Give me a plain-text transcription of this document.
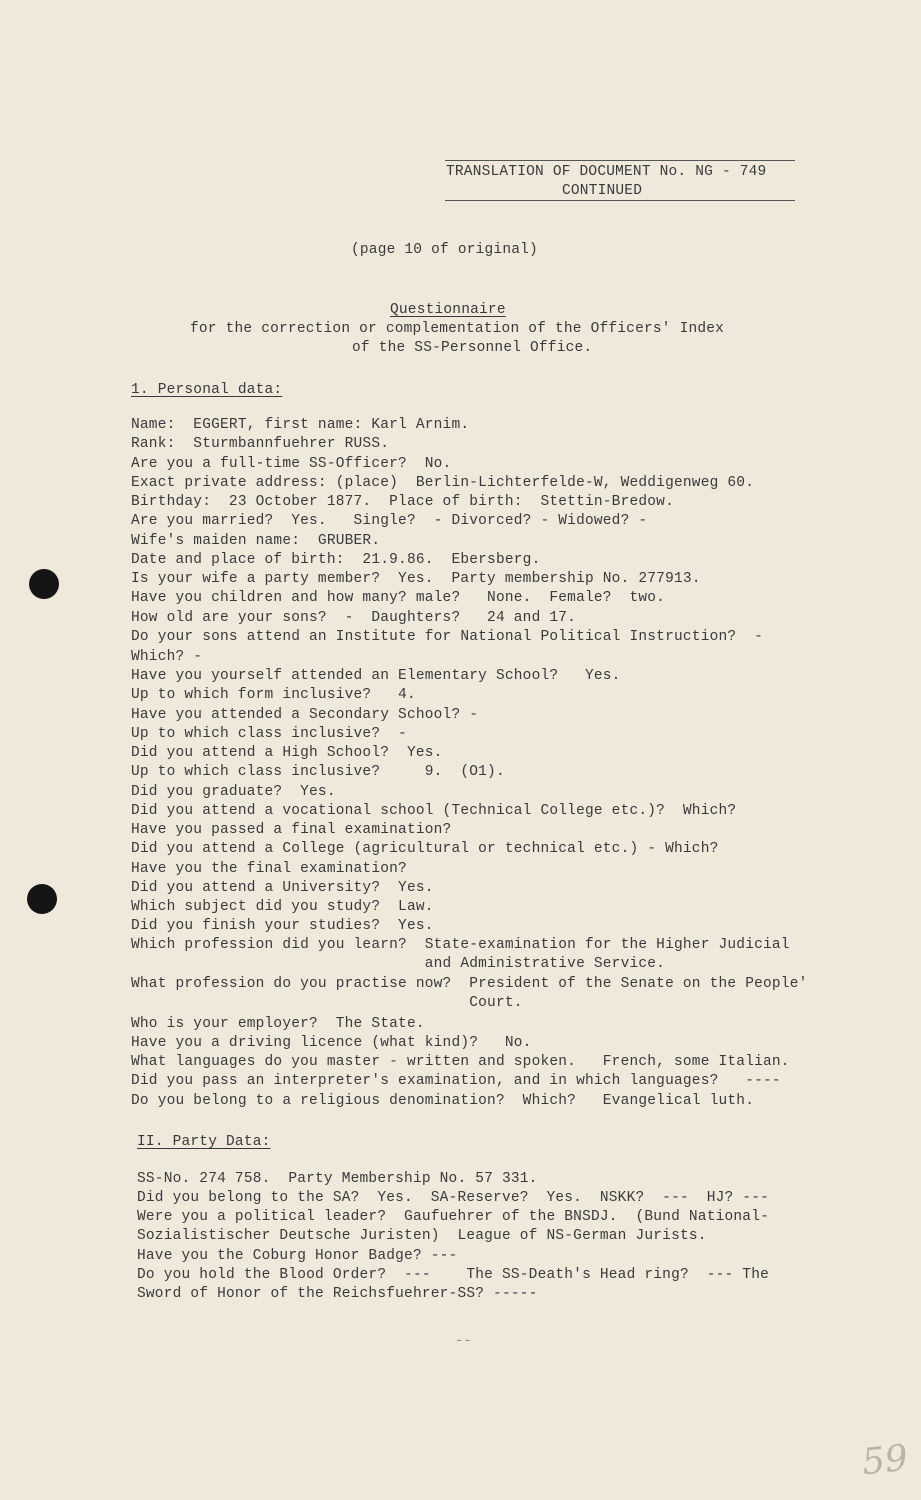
TRANSLATION OF DOCUMENT No. NG - 749
CONTINUED
(page 10 of original)
Questionnaire
for the correction or complementation of the Officers' Index
of the SS-Personnel Office.
1. Personal data:
Name:  EGGERT, first name: Karl Arnim.
Rank:  Sturmbannfuehrer RUSS.
Are you a full-time SS-Officer?  No.
Exact private address: (place)  Berlin-Lichterfelde-W, Weddigenweg 60.
Birthday:  23 October 1877.  Place of birth:  Stettin-Bredow.
Are you married?  Yes.   Single?  - Divorced? - Widowed? -
Wife's maiden name:  GRUBER.
Date and place of birth:  21.9.86.  Ebersberg.
Is your wife a party member?  Yes.  Party membership No. 277913.
Have you children and how many? male?   None.  Female?  two.
How old are your sons?  -  Daughters?   24 and 17.
Do your sons attend an Institute for National Political Instruction?  -
Which? -
Have you yourself attended an Elementary School?   Yes.
Up to which form inclusive?   4.
Have you attended a Secondary School? -
Up to which class inclusive?  -
Did you attend a High School?  Yes.
Up to which class inclusive?     9.  (O1).
Did you graduate?  Yes.
Did you attend a vocational school (Technical College etc.)?  Which?
Have you passed a final examination?
Did you attend a College (agricultural or technical etc.) - Which?
Have you the final examination?
Did you attend a University?  Yes.
Which subject did you study?  Law.
Did you finish your studies?  Yes.
Which profession did you learn?  State-examination for the Higher Judicial
and Administrative Service.
What profession do you practise now?  President of the Senate on the People'
Court.
Who is your employer?  The State.
Have you a driving licence (what kind)?   No.
What languages do you master - written and spoken.   French, some Italian.
Did you pass an interpreter's examination, and in which languages?   ----
Do you belong to a religious denomination?  Which?   Evangelical luth.
II. Party Data:
SS-No. 274 758.  Party Membership No. 57 331.
Did you belong to the SA?  Yes.  SA-Reserve?  Yes.  NSKK?  ---  HJ? ---
Were you a political leader?  Gaufuehrer of the BNSDJ.  (Bund National-
Sozialistischer Deutsche Juristen)  League of NS-German Jurists.
Have you the Coburg Honor Badge? ---
Do you hold the Blood Order?  ---    The SS-Death's Head ring?  --- The
Sword of Honor of the Reichsfuehrer-SS? -----
--
59
